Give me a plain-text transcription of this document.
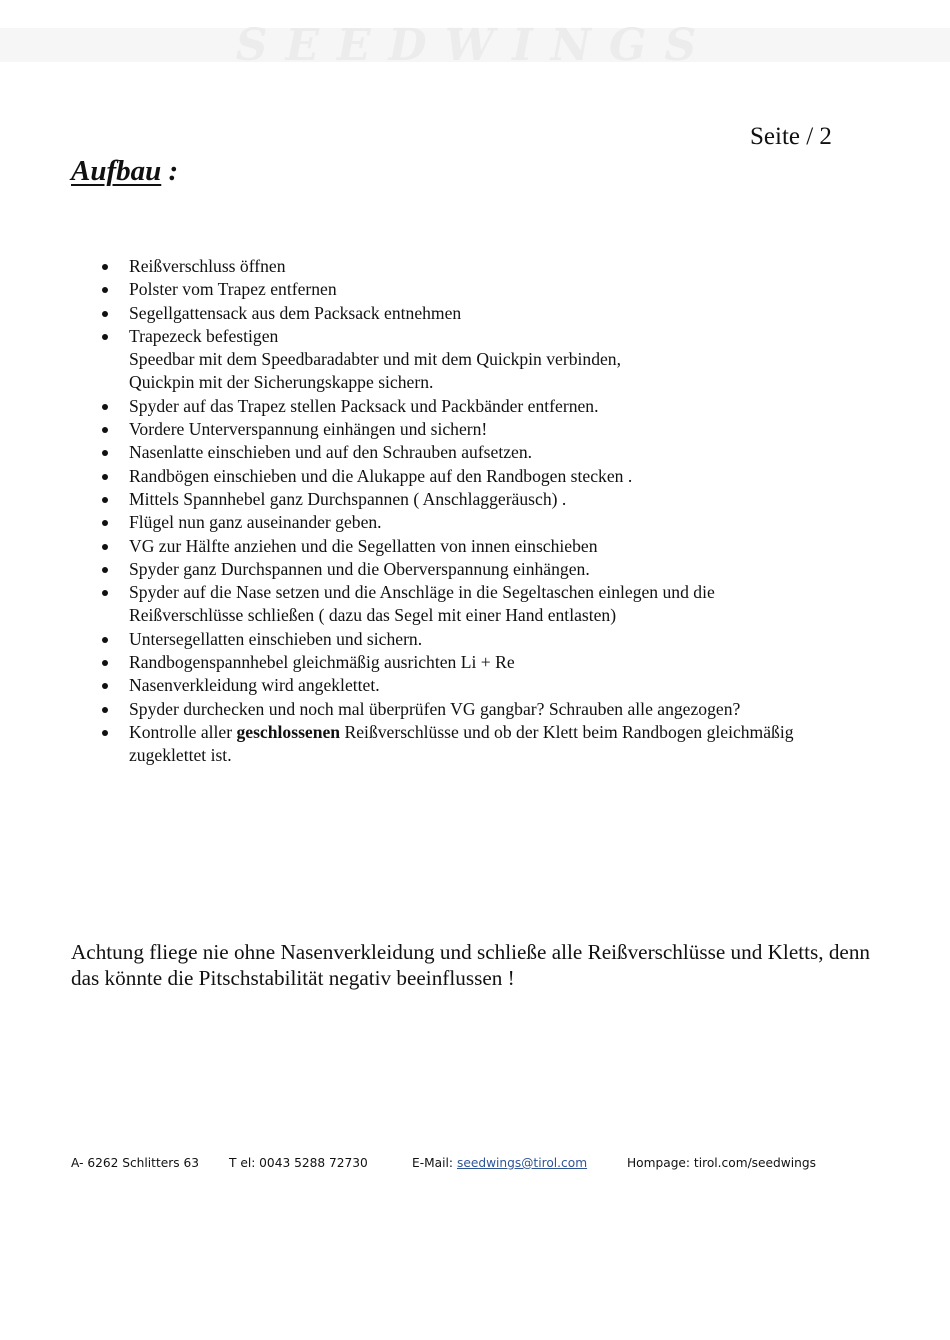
SEEDWINGS
Seite / 2
Aufbau :
Reißverschluss öffnen
Polster vom Trapez entfernen
Segellgattensack aus dem Packsack entnehmen
Trapezeck befestigen
Speedbar mit dem Speedbaradabter und mit dem Quickpin verbinden,
Quickpin mit der Sicherungskappe sichern.
Spyder auf das Trapez stellen Packsack und Packbänder entfernen.
Vordere Unterverspannung einhängen und sichern!
Nasenlatte einschieben und auf den Schrauben aufsetzen.
Randbögen einschieben und die Alukappe auf den Randbogen stecken .
Mittels Spannhebel ganz Durchspannen ( Anschlaggeräusch) .
Flügel nun ganz auseinander geben.
VG zur Hälfte anziehen und die Segellatten von innen einschieben
Spyder ganz Durchspannen und die Oberverspannung einhängen.
Spyder auf die Nase setzen und die Anschläge in die Segeltaschen einlegen und die
Reißverschlüsse schließen ( dazu das Segel mit einer Hand entlasten)
Untersegellatten einschieben und sichern.
Randbogenspannhebel gleichmäßig ausrichten Li + Re
Nasenverkleidung wird angeklettet.
Spyder durchecken und noch mal überprüfen VG gangbar? Schrauben alle angezogen?
Kontrolle aller geschlossenen Reißverschlüsse und ob der Klett beim Randbogen gleichmäßig
zugeklettet ist.
Achtung fliege nie ohne Nasenverkleidung und schließe alle Reißverschlüsse und Kletts, denn
das könnte die Pitschstabilität negativ beeinflussen !
A- 6262 Schlitters 63 T el: 0043 5288 72730	E-Mail: seedwings@tirol.com	Hompage: tirol.com/seedwings
